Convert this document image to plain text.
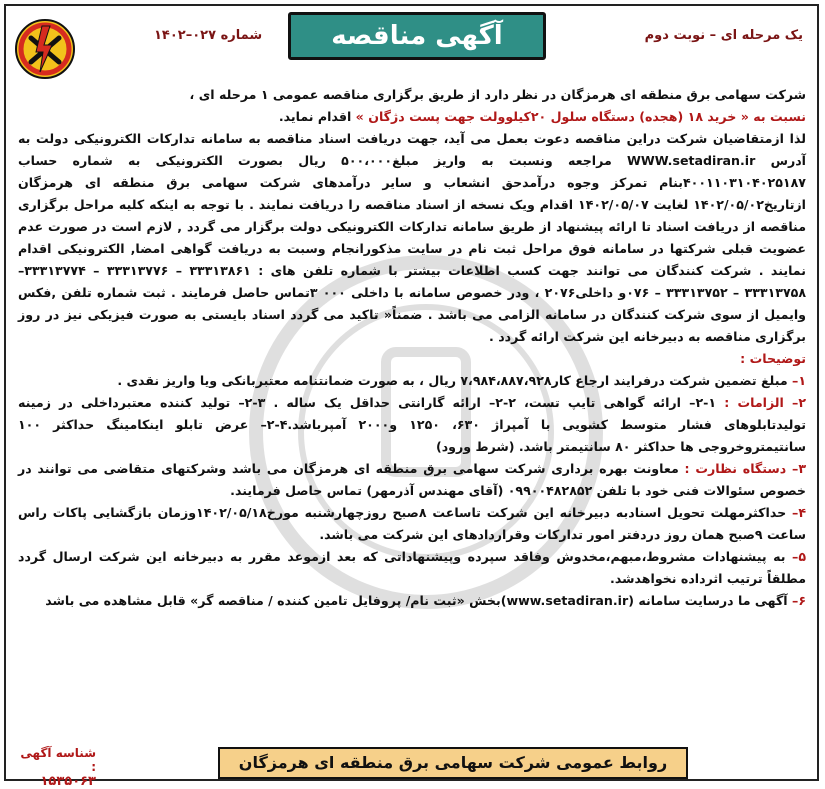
شماره ۰۲۷–۱۴۰۲	آگهی مناقصه عمومی
یک مرحله ای – نوبت دوم

شرکت سهامی برق منطقه ای هرمزگان در نظر دارد از طریق برگزاری مناقصه عمومی ۱ مرحله ای ،

نسبت به « خرید ۱۸ (هجده) دستگاه سلول ۲۰کیلوولت جهت پست دژگان » اقدام نماید.

لذا ازمتقاضیان شرکت دراین مناقصه دعوت بعمل می آید، جهت دریافت اسناد مناقصه به سامانه تدارکات الکترونیکی دولت به آدرس WWW.setadiran.ir مراجعه ونسبت به واریز مبلغ۵۰۰،۰۰۰ ریال بصورت الکترونیکی به شماره حساب ۴۰۰۱۱۰۳۱۰۴۰۲۵۱۸۷بنام تمرکز وجوه درآمدحق انشعاب و سایر درآمدهای شرکت سهامی برق منطقه ای هرمزگان ازتاریخ۱۴۰۲/۰۵/۰۲ لغایت ۱۴۰۲/۰۵/۰۷ اقدام ویک نسخه از اسناد مناقصه را دریافت نمایند . با توجه به اینکه کلیه مراحل برگزاری مناقصه از دریافت اسناد تا ارائه پیشنهاد از طریق سامانه تدارکات الکترونیکی دولت برگزار می گردد , لازم است در صورت عدم عضویت قبلی شرکتها در سامانه فوق مراحل ثبت نام در سایت مذکورانجام وسبت به دریافت گواهی امضا, الکترونیکی اقدام نمایند . شرکت کنندگان می توانند جهت کسب اطلاعات بیشتر با شماره تلفن های : ۳۳۳۱۳۸۶۱ – ۳۳۳۱۳۷۷۶ – ۳۳۳۱۳۷۷۴– ۳۳۳۱۳۷۵۸ – ۳۳۳۱۳۷۵۲ – ۰۷۶و داخلی۲۰۷۶ ، ودر خصوص سامانه با داخلی ۰۰۰ ۳تماس حاصل فرمایند . ثبت شماره تلفن ,فکس وایمیل از سوی شرکت کنندگان در سامانه الزامی می باشد . ضمناً« تاکید می گردد اسناد بایستی به صورت فیزیکی نیز در روز برگزاری مناقصه به دبیرخانه این شرکت ارائه گردد .

توضیحات :

۱– مبلغ تضمین شرکت درفرایند ارجاع کار۷،۹۸۴،۸۸۷،۹۲۸ ریال ، به صورت ضمانتنامه معتبربانکی ویا واریز نقدی .

۲– الزامات : ۱-۲– ارائه گواهی تایپ تست، ۲-۲– ارائه گارانتی حداقل یک ساله . ۳-۲– تولید کننده معتبرداخلی در زمینه تولیدتابلوهای فشار متوسط کشویی با آمپراژ ۶۳۰، ۱۲۵۰ و۲۰۰۰ آمپرباشد.۴-۲– عرض تابلو اینکامینگ حداکثر ۱۰۰ سانتیمتروخروجی ها حداکثر ۸۰ سانتیمتر باشد. (شرط ورود)

۳– دستگاه نظارت : معاونت بهره برداری شرکت سهامی برق منطقه ای هرمزگان می باشد وشرکتهای متقاضی می توانند در خصوص سئوالات فنی خود با تلفن ۰۹۹۰۰۴۸۲۸۵۲ (آقای مهندس آذرمهر) تماس حاصل فرمایند.

۴– حداکثرمهلت تحویل اسنادبه دبیرخانه این شرکت تاساعت ۸صبح روزچهارشنبه مورخ۱۴۰۲/۰۵/۱۸وزمان بازگشایی پاکات راس ساعت ۹صبح همان روز دردفتر امور تدارکات وقراردادهای این شرکت می باشد.

۵– به پیشنهادات مشروط،مبهم،مخدوش وفاقد سپرده وپیشنهاداتی که بعد ازموعد مقرر به دبیرخانه این شرکت ارسال گردد مطلقاً ترتیب اثرداده نخواهدشد.

۶– آگهی ما درسایت سامانه (www.setadiran.ir)بخش «ثبت نام/ پروفایل تامین کننده / مناقصه گر» قابل مشاهده می باشد

شناسه آگهی :
۱۵۳۵۰۶۳
روابط عمومی شرکت سهامی برق منطقه ای هرمزگان
